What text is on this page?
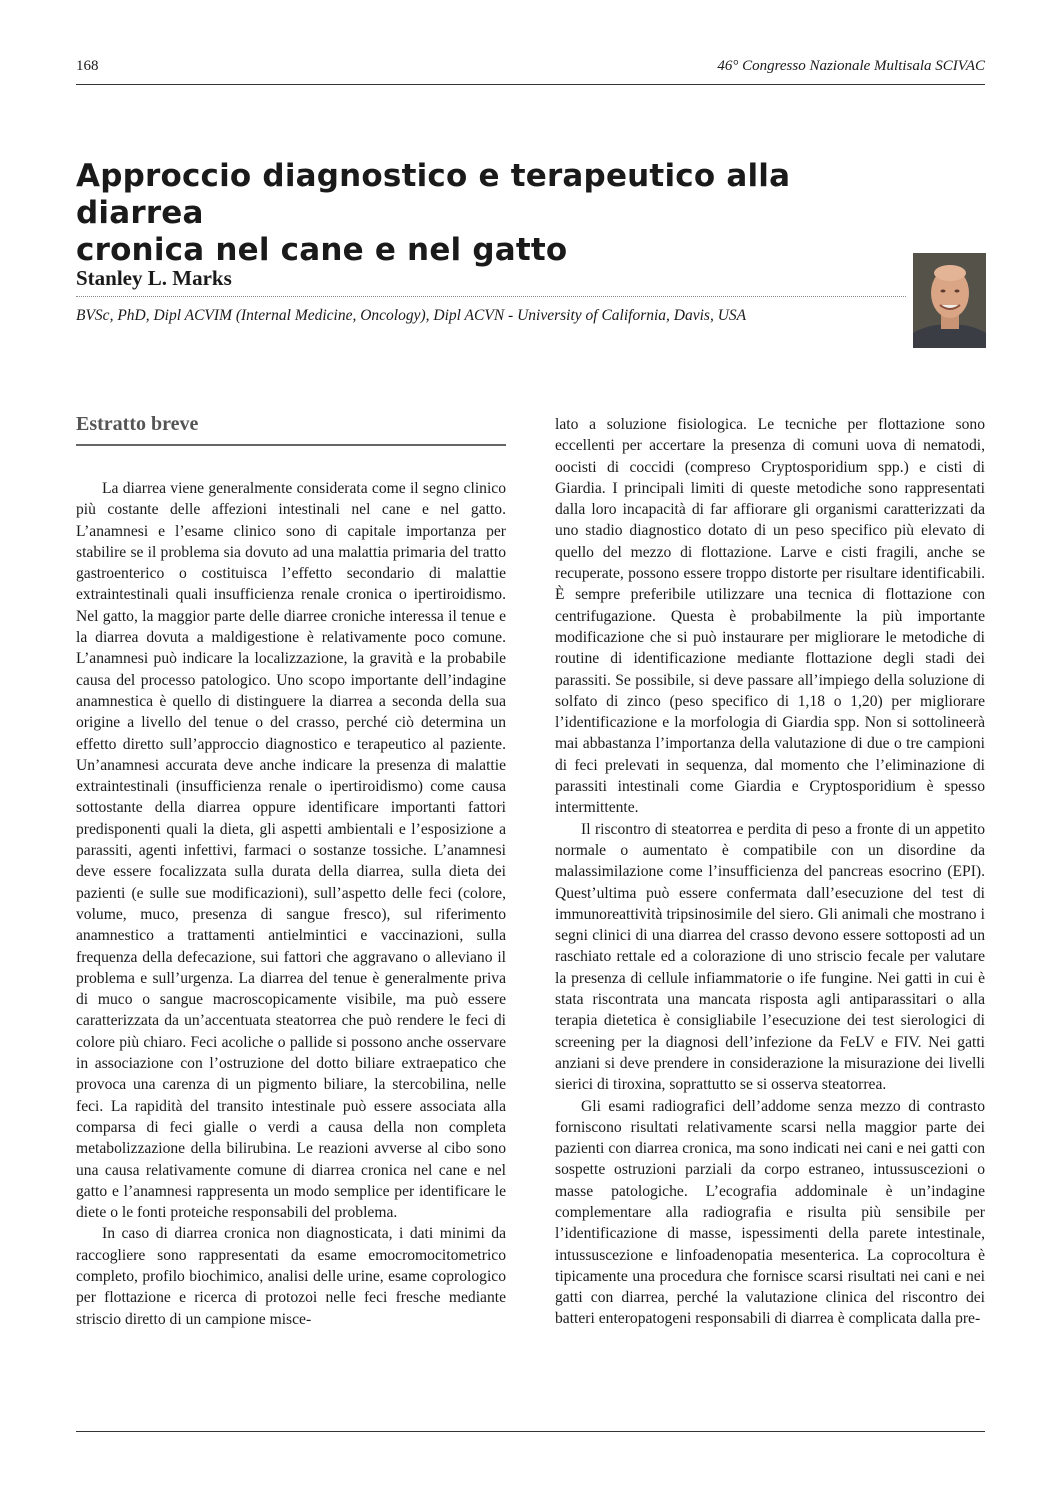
168	46° Congresso Nazionale Multisala SCIVAC
Approccio diagnostico e terapeutico alla diarrea
cronica nel cane e nel gatto
Stanley L. Marks
BVSc, PhD, Dipl ACVIM (Internal Medicine, Oncology), Dipl ACVN - University of California, Davis, USA
Estratto breve

La diarrea viene generalmente considerata come il segno clinico più costante delle affezioni intestinali nel cane e nel gatto. L’anamnesi e l’esame clinico sono di capitale importanza per stabilire se il problema sia dovuto ad una malattia primaria del tratto gastroenterico o costituisca l’effetto secondario di malattie extraintestinali quali insufficienza renale cronica o ipertiroidismo. Nel gatto, la maggior parte delle diarree croniche interessa il tenue e la diarrea dovuta a maldigestione è relativamente poco comune. L’anamnesi può indicare la localizzazione, la gravità e la probabile causa del processo patologico. Uno scopo importante dell’indagine anamnestica è quello di distinguere la diarrea a seconda della sua origine a livello del tenue o del crasso, perché ciò determina un effetto diretto sull’approccio diagnostico e terapeutico al paziente. Un’anamnesi accurata deve anche indicare la presenza di malattie extraintestinali (insufficienza renale o ipertiroidismo) come causa sottostante della diarrea oppure identificare importanti fattori predisponenti quali la dieta, gli aspetti ambientali e l’esposizione a parassiti, agenti infettivi, farmaci o sostanze tossiche. L’anamnesi deve essere focalizzata sulla durata della diarrea, sulla dieta dei pazienti (e sulle sue modificazioni), sull’aspetto delle feci (colore, volume, muco, presenza di sangue fresco), sul riferimento anamnestico a trattamenti antielmintici e vaccinazioni, sulla frequenza della defecazione, sui fattori che aggravano o alleviano il problema e sull’urgenza. La diarrea del tenue è generalmente priva di muco o sangue macroscopicamente visibile, ma può essere caratterizzata da un’accentuata steatorrea che può rendere le feci di colore più chiaro. Feci acoliche o pallide si possono anche osservare in associazione con l’ostruzione del dotto biliare extraepatico che provoca una carenza di un pigmento biliare, la stercobilina, nelle feci. La rapidità del transito intestinale può essere associata alla comparsa di feci gialle o verdi a causa della non completa metabolizzazione della bilirubina. Le reazioni avverse al cibo sono una causa relativamente comune di diarrea cronica nel cane e nel gatto e l’anamnesi rappresenta un modo semplice per identificare le diete o le fonti proteiche responsabili del problema.

In caso di diarrea cronica non diagnosticata, i dati minimi da raccogliere sono rappresentati da esame emocromocitometrico completo, profilo biochimico, analisi delle urine, esame coprologico per flottazione e ricerca di protozoi nelle feci fresche mediante striscio diretto di un campione misce-

lato a soluzione fisiologica. Le tecniche per flottazione sono eccellenti per accertare la presenza di comuni uova di nematodi, oocisti di coccidi (compreso Cryptosporidium spp.) e cisti di Giardia. I principali limiti di queste metodiche sono rappresentati dalla loro incapacità di far affiorare gli organismi caratterizzati da uno stadio diagnostico dotato di un peso specifico più elevato di quello del mezzo di flottazione. Larve e cisti fragili, anche se recuperate, possono essere troppo distorte per risultare identificabili. È sempre preferibile utilizzare una tecnica di flottazione con centrifugazione. Questa è probabilmente la più importante modificazione che si può instaurare per migliorare le metodiche di routine di identificazione mediante flottazione degli stadi dei parassiti. Se possibile, si deve passare all’impiego della soluzione di solfato di zinco (peso specifico di 1,18 o 1,20) per migliorare l’identificazione e la morfologia di Giardia spp. Non si sottolineerà mai abbastanza l’importanza della valutazione di due o tre campioni di feci prelevati in sequenza, dal momento che l’eliminazione di parassiti intestinali come Giardia e Cryptosporidium è spesso intermittente.

Il riscontro di steatorrea e perdita di peso a fronte di un appetito normale o aumentato è compatibile con un disordine da malassimilazione come l’insufficienza del pancreas esocrino (EPI). Quest’ultima può essere confermata dall’esecuzione del test di immunoreattività tripsinosimile del siero. Gli animali che mostrano i segni clinici di una diarrea del crasso devono essere sottoposti ad un raschiato rettale ed a colorazione di uno striscio fecale per valutare la presenza di cellule infiammatorie o ife fungine. Nei gatti in cui è stata riscontrata una mancata risposta agli antiparassitari o alla terapia dietetica è consigliabile l’esecuzione dei test sierologici di screening per la diagnosi dell’infezione da FeLV e FIV. Nei gatti anziani si deve prendere in considerazione la misurazione dei livelli sierici di tiroxina, soprattutto se si osserva steatorrea.

Gli esami radiografici dell’addome senza mezzo di contrasto forniscono risultati relativamente scarsi nella maggior parte dei pazienti con diarrea cronica, ma sono indicati nei cani e nei gatti con sospette ostruzioni parziali da corpo estraneo, intussuscezioni o masse patologiche. L’ecografia addominale è un’indagine complementare alla radiografia e risulta più sensibile per l’identificazione di masse, ispessimenti della parete intestinale, intussuscezione e linfoadenopatia mesenterica. La coprocoltura è tipicamente una procedura che fornisce scarsi risultati nei cani e nei gatti con diarrea, perché la valutazione clinica del riscontro dei batteri enteropatogeni responsabili di diarrea è complicata dalla pre-
